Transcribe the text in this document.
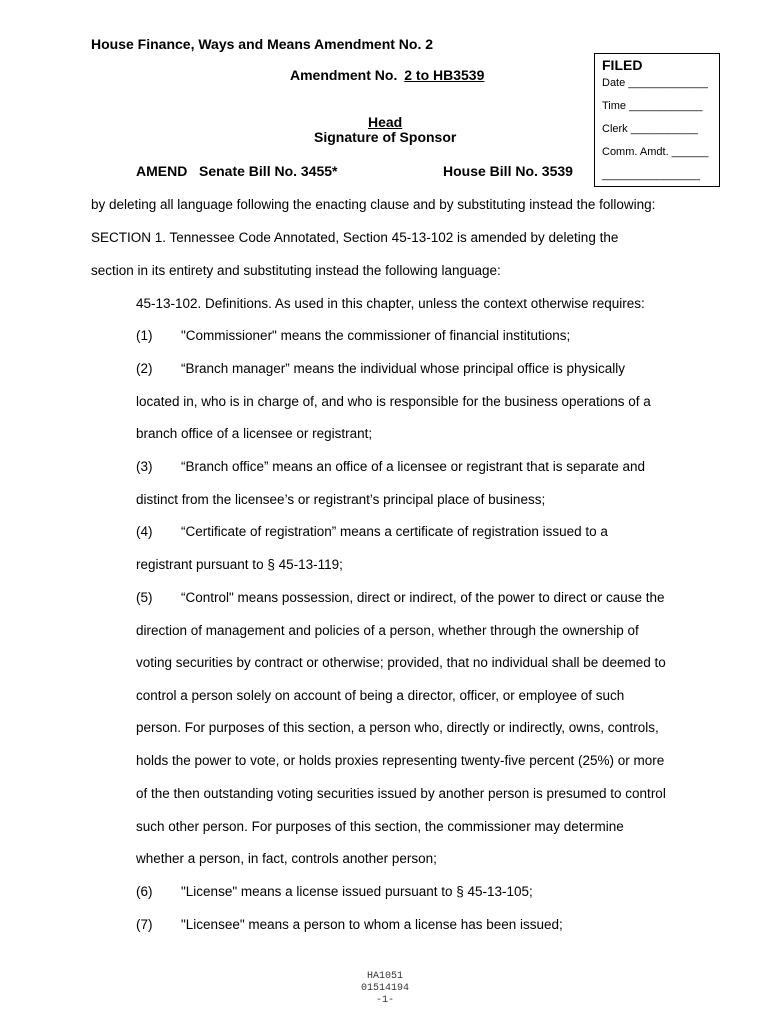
House Finance, Ways and Means Amendment No. 2
Amendment No. 2 to HB3539
Head
Signature of Sponsor
AMEND Senate Bill No. 3455*	House Bill No. 3539
FILED
Date _____________
Time ____________
Clerk ___________
Comm. Amdt. ______
________________
by deleting all language following the enacting clause and by substituting instead the following:
SECTION 1. Tennessee Code Annotated, Section 45-13-102 is amended by deleting the
section in its entirety and substituting instead the following language:
45-13-102. Definitions. As used in this chapter, unless the context otherwise requires:
(1) "Commissioner" means the commissioner of financial institutions;
(2) “Branch manager” means the individual whose principal office is physically
located in, who is in charge of, and who is responsible for the business operations of a
branch office of a licensee or registrant;
(3) “Branch office” means an office of a licensee or registrant that is separate and
distinct from the licensee’s or registrant’s principal place of business;
(4) “Certificate of registration” means a certificate of registration issued to a
registrant pursuant to § 45-13-119;
(5) “Control" means possession, direct or indirect, of the power to direct or cause the
direction of management and policies of a person, whether through the ownership of
voting securities by contract or otherwise; provided, that no individual shall be deemed to
control a person solely on account of being a director, officer, or employee of such
person. For purposes of this section, a person who, directly or indirectly, owns, controls,
holds the power to vote, or holds proxies representing twenty-five percent (25%) or more
of the then outstanding voting securities issued by another person is presumed to control
such other person. For purposes of this section, the commissioner may determine
whether a person, in fact, controls another person;
(6) "License" means a license issued pursuant to § 45-13-105;
(7) "Licensee" means a person to whom a license has been issued;
HA1051
01514194
-1-
